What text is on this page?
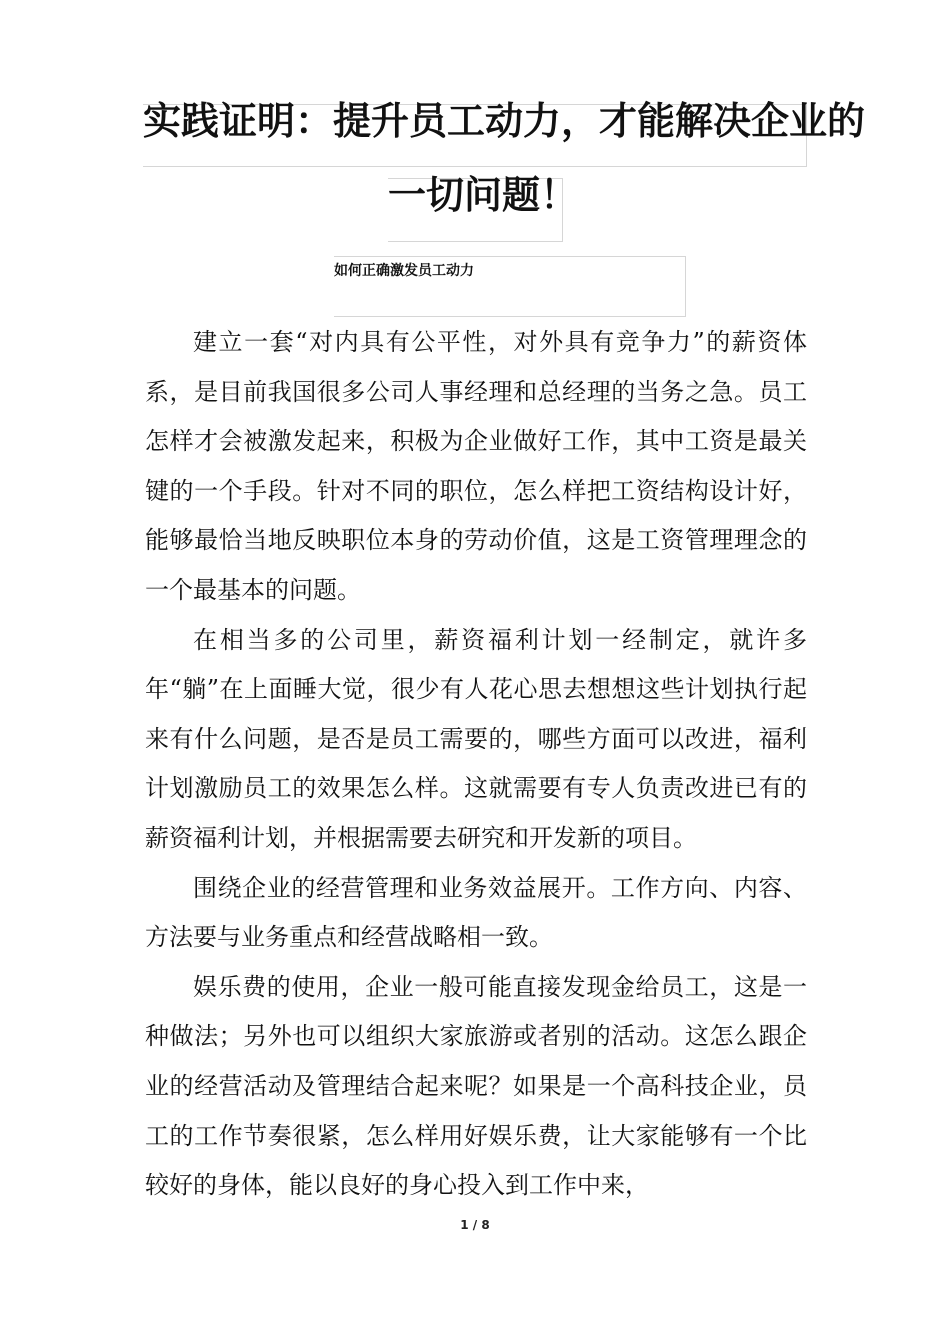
实践证明：提升员工动力，才能解决企业的
一切问题！
如何正确激发员工动力

建立一套“对内具有公平性，对外具有竞争力”的薪资体系，是目前我国很多公司人事经理和总经理的当务之急。员工怎样才会被激发起来，积极为企业做好工作，其中工资是最关键的一个手段。针对不同的职位，怎么样把工资结构设计好，能够最恰当地反映职位本身的劳动价值，这是工资管理理念的一个最基本的问题。

在相当多的公司里，薪资福利计划一经制定，就许多年“躺”在上面睡大觉，很少有人花心思去想想这些计划执行起来有什么问题，是否是员工需要的，哪些方面可以改进，福利计划激励员工的效果怎么样。这就需要有专人负责改进已有的薪资福利计划，并根据需要去研究和开发新的项目。

围绕企业的经营管理和业务效益展开。工作方向、内容、方法要与业务重点和经营战略相一致。

娱乐费的使用，企业一般可能直接发现金给员工，这是一种做法；另外也可以组织大家旅游或者别的活动。这怎么跟企业的经营活动及管理结合起来呢？如果是一个高科技企业，员工的工作节奏很紧，怎么样用好娱乐费，让大家能够有一个比较好的身体，能以良好的身心投入到工作中来，

1 / 8
